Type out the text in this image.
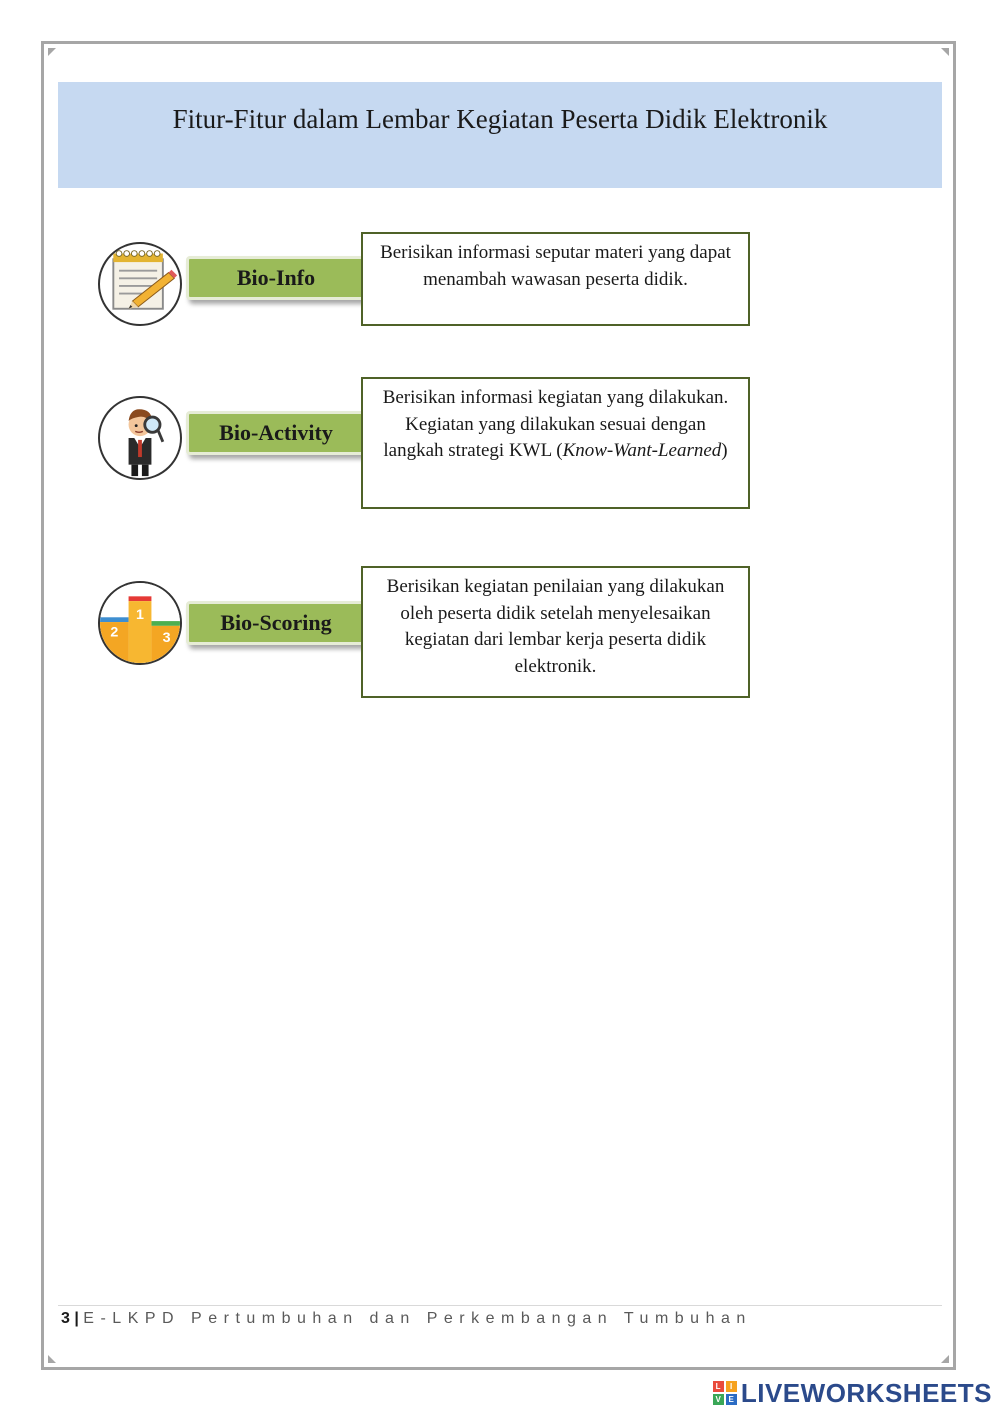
Fitur-Fitur dalam Lembar Kegiatan Peserta Didik Elektronik
Bio-Info
Berisikan informasi seputar materi yang dapat menambah wawasan peserta didik.
Bio-Activity
Berisikan informasi kegiatan yang dilakukan. Kegiatan yang dilakukan sesuai dengan langkah strategi KWL (Know-Want-Learned)
1
2	3
Bio-Scoring
Berisikan kegiatan penilaian yang dilakukan oleh peserta didik setelah menyelesaikan kegiatan dari lembar kerja peserta didik elektronik.
3 | E-LKPD Pertumbuhan dan Perkembangan Tumbuhan
L	I
V E LIVEWORKSHEETS
